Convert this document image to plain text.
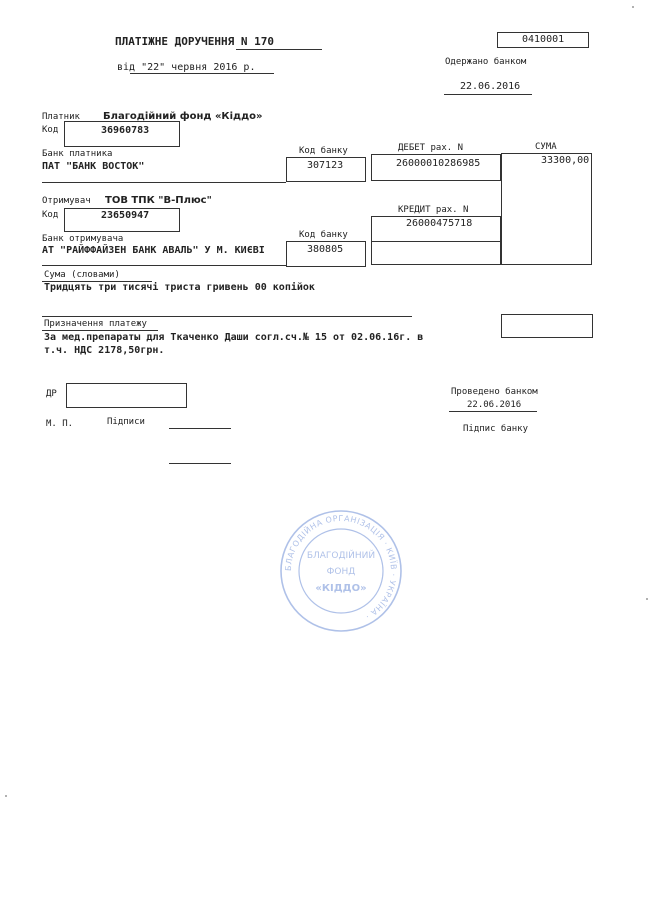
ПЛАТІЖНЕ ДОРУЧЕННЯ N 170	0410001
від "22" червня 2016 р.	Одержано банком
22.06.2016
Платник Благодійний фонд «Кіддо»
Код	36960783
Банк платника
ПАТ "БАНК ВОСТОК"
Код банку
307123
ДЕБЕТ рах. N
26000010286985
СУМА
33300,00
Отримувач ТОВ ТПК "В-Плюс"
Код	23650947
Банк отримувача
АТ "РАЙФФАЙЗЕН БАНК АВАЛЬ" У М. КИЄВІ
Код банку
380805
КРЕДИТ рах. N
26000475718
Сума (словами)
Тридцять три тисячі триста гривень 00 копійок
Призначення платежу
За мед.препараты для Ткаченко Даши согл.сч.№ 15 от 02.06.16г. в
т.ч. НДС 2178,50грн.
ДР
М. П.	Підписи
Проведено банком
22.06.2016
Підпис банку
БЛАГОДІЙНА ОРГАНІЗАЦІЯ · КИЇВ · УКРАЇНА ·
БЛАГОДІЙНИЙ
ФОНД
«КІДДО»
